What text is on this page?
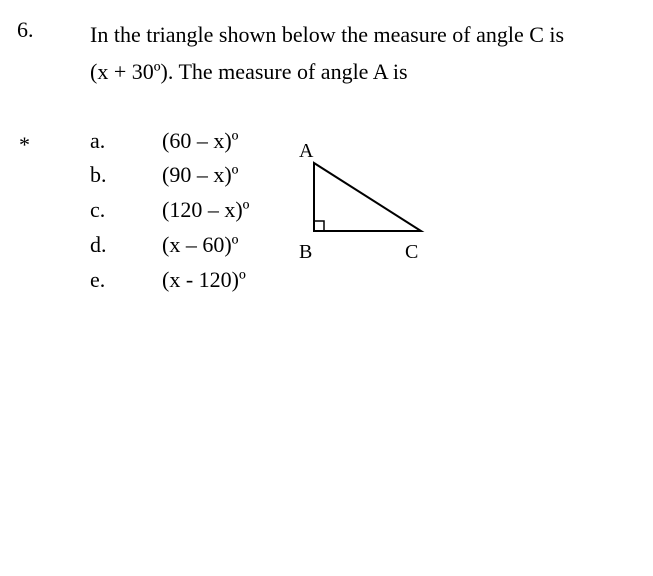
6.	In the triangle shown below the measure of angle C is
(x + 30º). The measure of angle A is
*	a.	(60 – x)º
b.	(90 – x)º
c.	(120 – x)º
d.	(x – 60)º
e.	(x - 120)º
A
B	C
